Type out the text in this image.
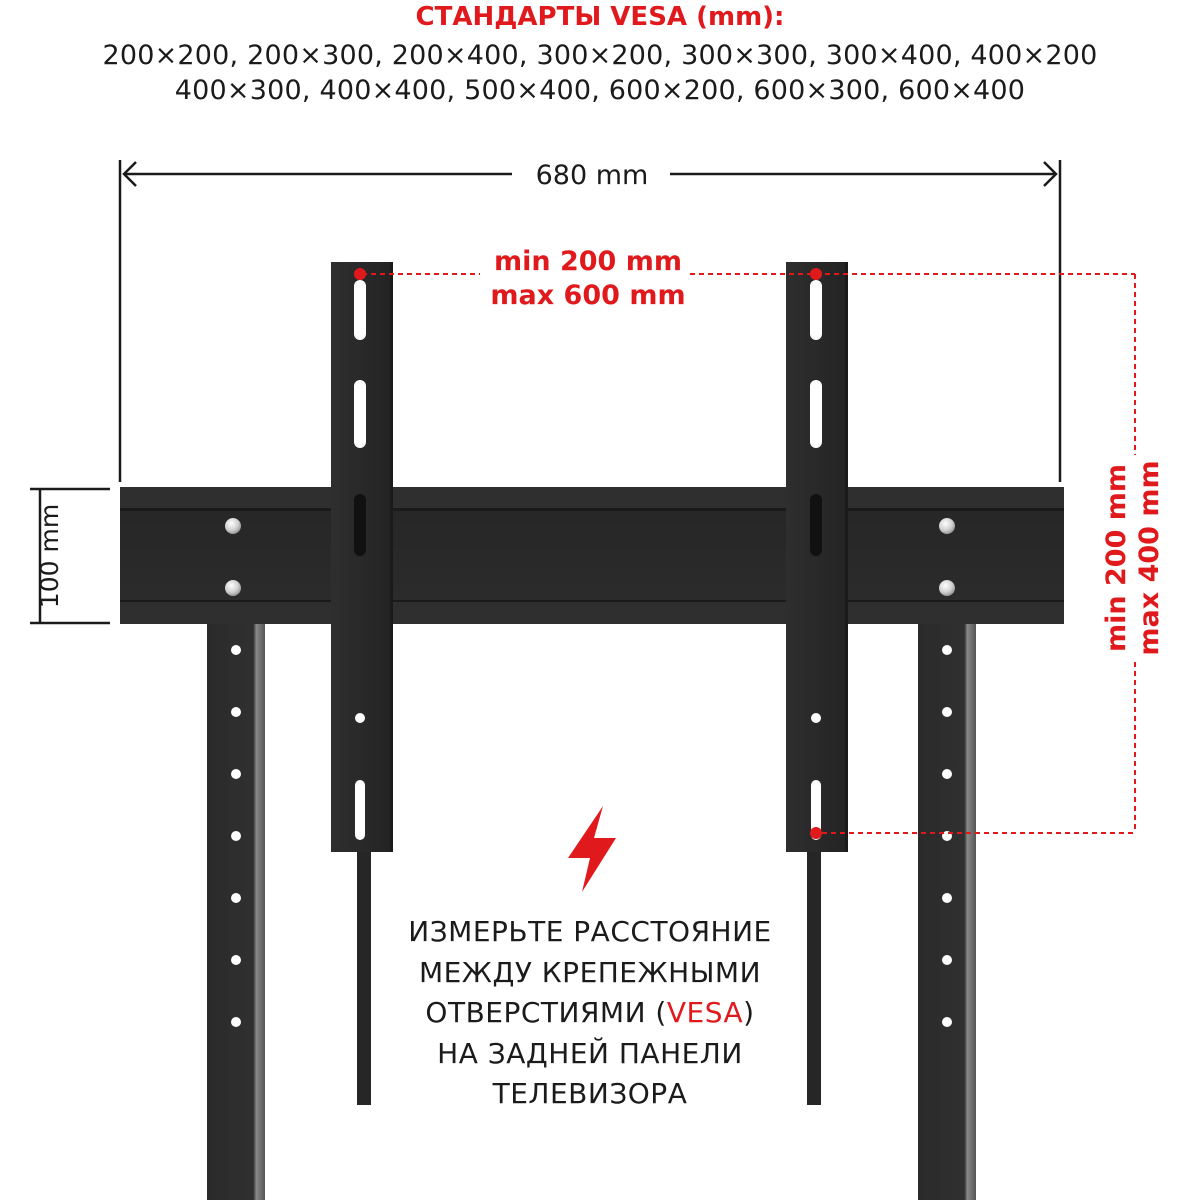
СТАНДАРТЫ VESA (mm):
200×200, 200×300, 200×400, 300×200, 300×300, 300×400, 400×200
400×300, 400×400, 500×400, 600×200, 600×300, 600×400
680 mm
100 mm
min 200 mm
max 600 mm
min 200 mm max 400 mm
ИЗМЕРЬТЕ РАССТОЯНИЕ
МЕЖДУ КРЕПЕЖНЫМИ
ОТВЕРСТИЯМИ (VESA)
НА ЗАДНЕЙ ПАНЕЛИ
ТЕЛЕВИЗОРА
